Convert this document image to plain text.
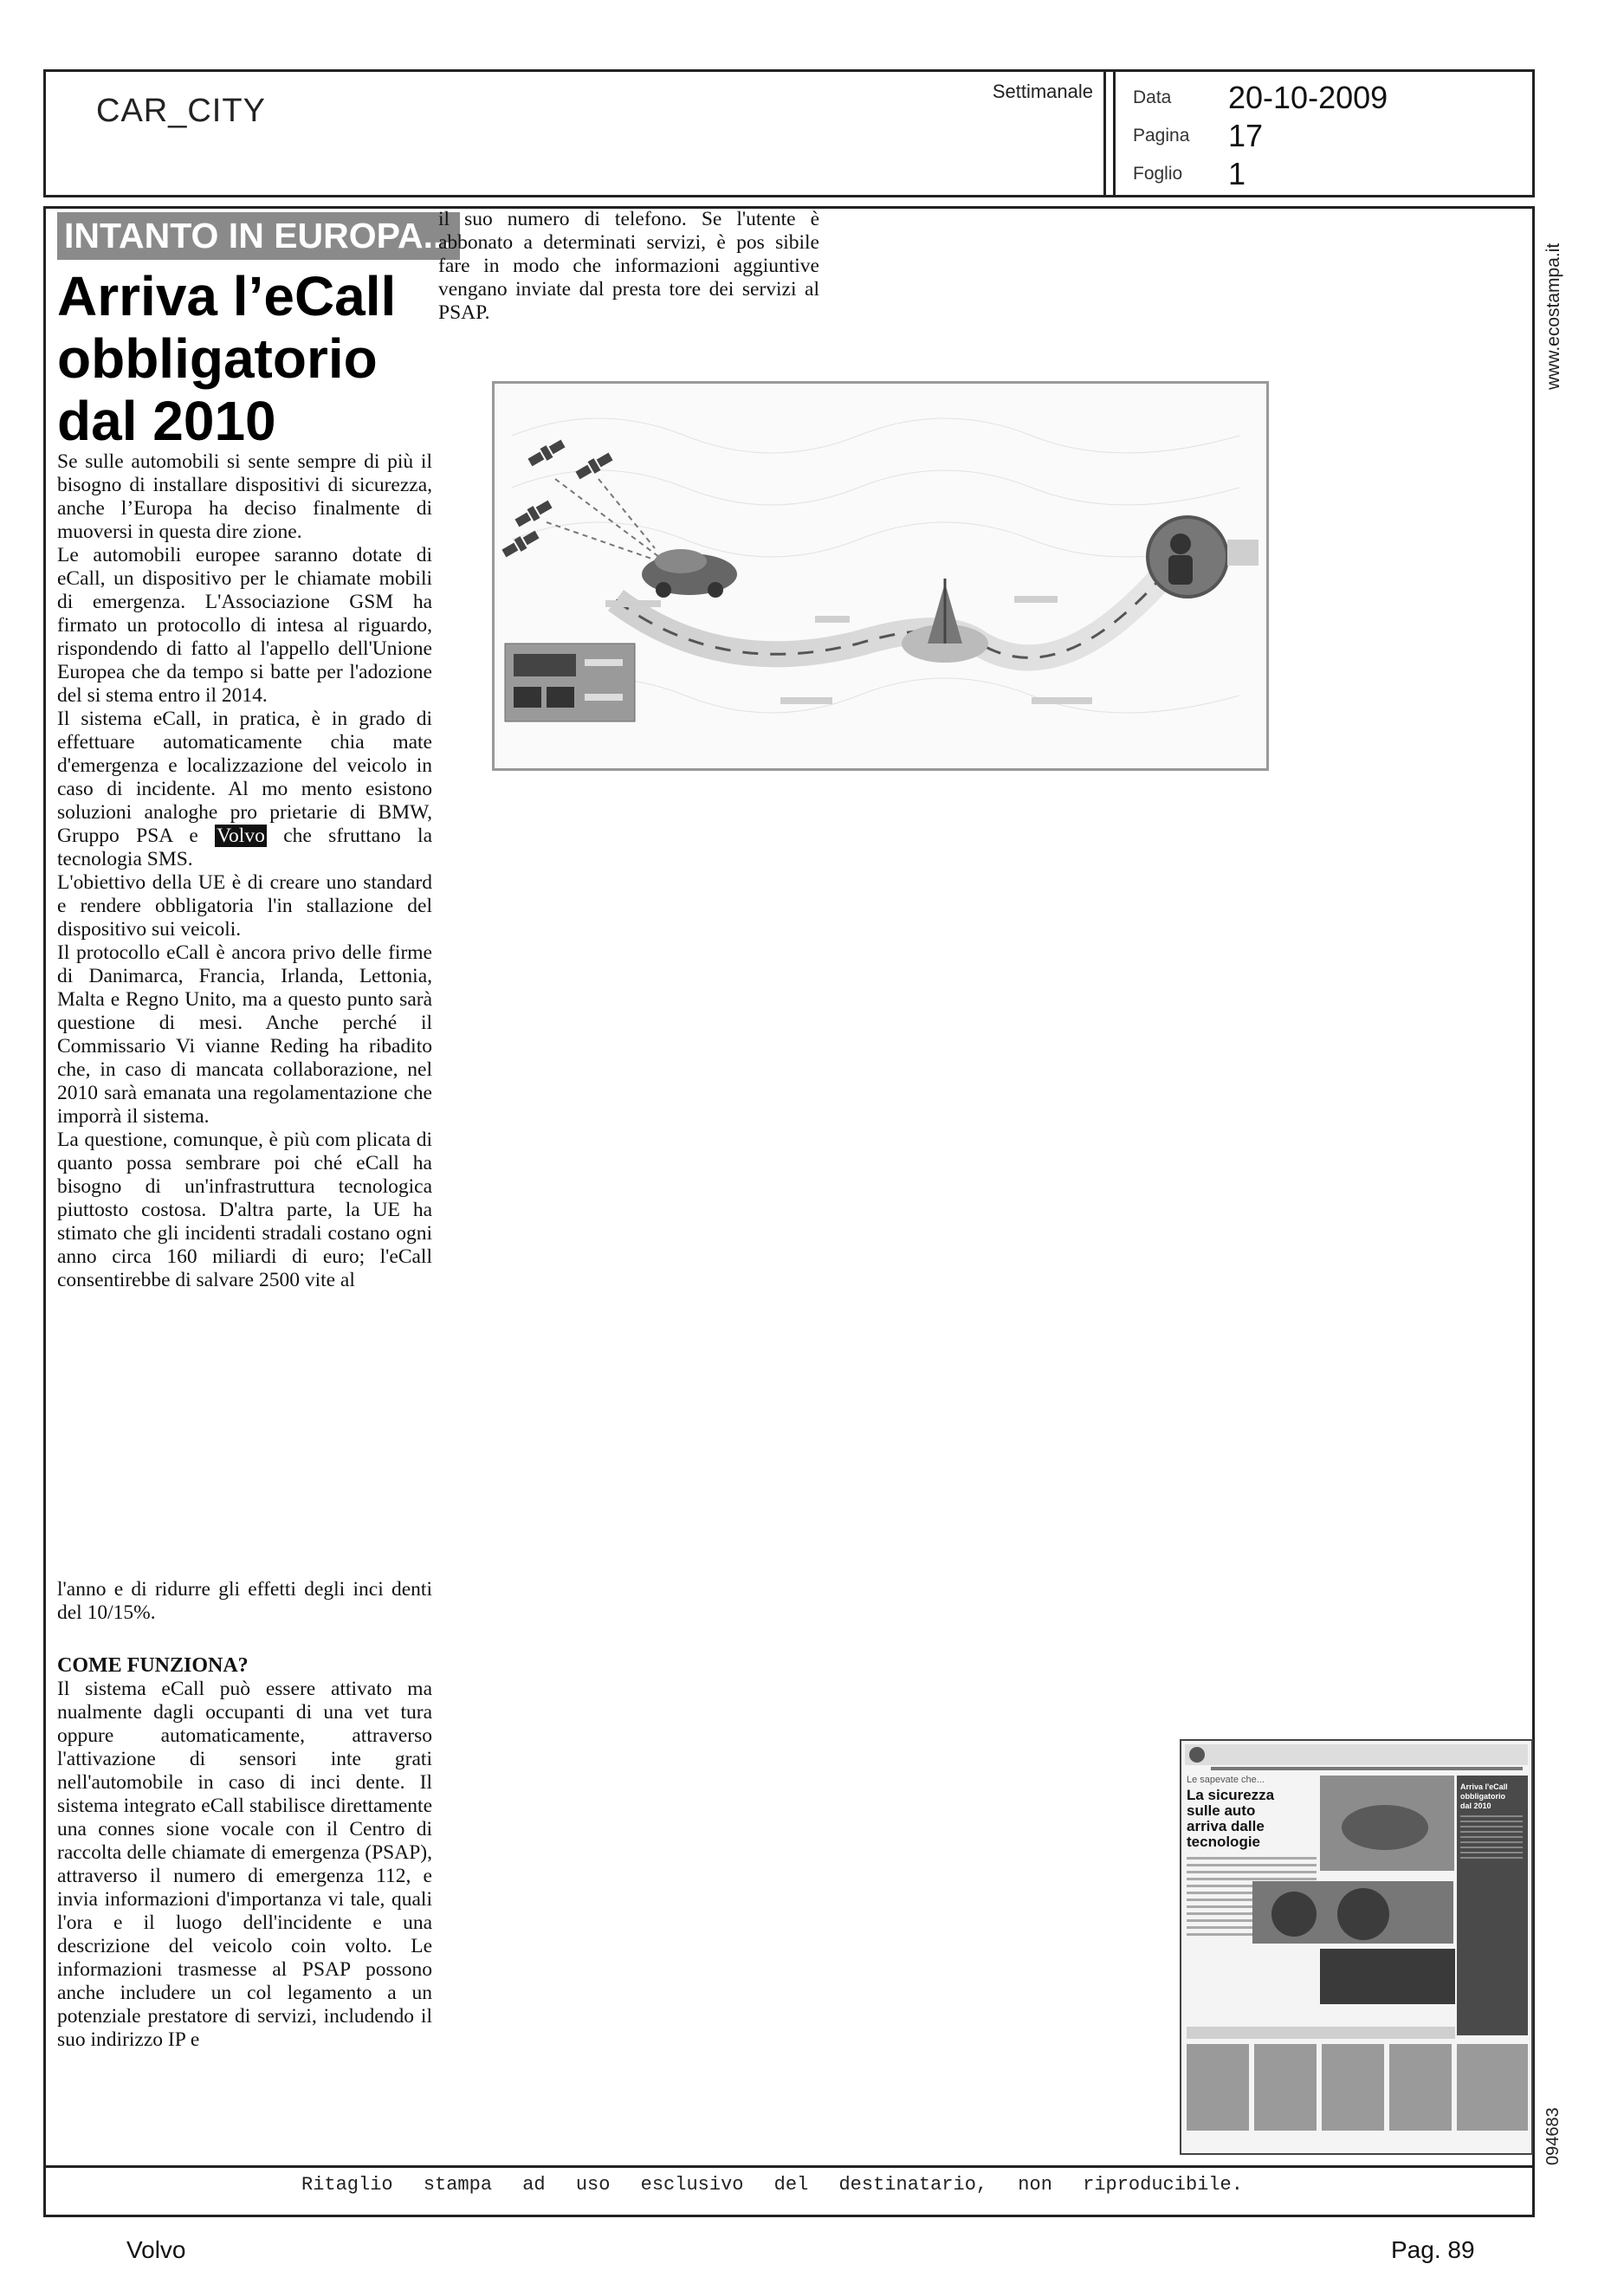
CAR_CITY
Settimanale Data	20-10-2009
Pagina	17
Foglio	1
INTANTO IN EUROPA...
Arriva l’eCall
obbligatorio
dal 2010

Se sulle automobili si sente sempre di più il bisogno di installare dispositivi di sicurezza, anche l’Europa ha deciso finalmente di muoversi in questa dire zione.

Le automobili europee saranno dotate di eCall, un dispositivo per le chiamate mobili di emergenza. L'Associazione GSM ha firmato un protocollo di intesa al riguardo, rispondendo di fatto al l'appello dell'Unione Europea che da tempo si batte per l'adozione del si stema entro il 2014.

Il sistema eCall, in pratica, è in grado di effettuare automaticamente chia mate d'emergenza e localizzazione del veicolo in caso di incidente. Al mo mento esistono soluzioni analoghe pro prietarie di BMW, Gruppo PSA e Volvo che sfruttano la tecnologia SMS.

L'obiettivo della UE è di creare uno standard e rendere obbligatoria l'in stallazione del dispositivo sui veicoli.

Il protocollo eCall è ancora privo delle firme di Danimarca, Francia, Irlanda, Lettonia, Malta e Regno Unito, ma a questo punto sarà questione di mesi. Anche perché il Commissario Vi vianne Reding ha ribadito che, in caso di mancata collaborazione, nel 2010 sarà emanata una regolamentazione che imporrà il sistema.

La questione, comunque, è più com plicata di quanto possa sembrare poi ché eCall ha bisogno di un'infrastruttura tecnologica piuttosto costosa. D'altra parte, la UE ha stimato che gli incidenti stradali costano ogni anno circa 160 miliardi di euro; l'eCall consentirebbe di salvare 2500 vite al

l'anno e di ridurre gli effetti degli inci denti del 10/15%.

COME FUNZIONA?

Il sistema eCall può essere attivato ma nualmente dagli occupanti di una vet tura oppure automaticamente, attraverso l'attivazione di sensori inte grati nell'automobile in caso di inci dente. Il sistema integrato eCall stabilisce direttamente una connes sione vocale con il Centro di raccolta delle chiamate di emergenza (PSAP), attraverso il numero di emergenza 112, e invia informazioni d'importanza vi tale, quali l'ora e il luogo dell'incidente e una descrizione del veicolo coin volto. Le informazioni trasmesse al PSAP possono anche includere un col legamento a un potenziale prestatore di servizi, includendo il suo indirizzo IP e

il suo numero di telefono. Se l'utente è abbonato a determinati servizi, è pos sibile fare in modo che informazioni aggiuntive vengano inviate dal presta tore dei servizi al PSAP.

Le sapevate che...
La sicurezza
sulle auto
arriva dalle
tecnologie
Arriva l'eCall
obbligatorio
dal 2010
Ritaglio stampa ad uso esclusivo del destinatario, non riproducibile.
www.ecostampa.it
094683
Volvo	Pag. 89
